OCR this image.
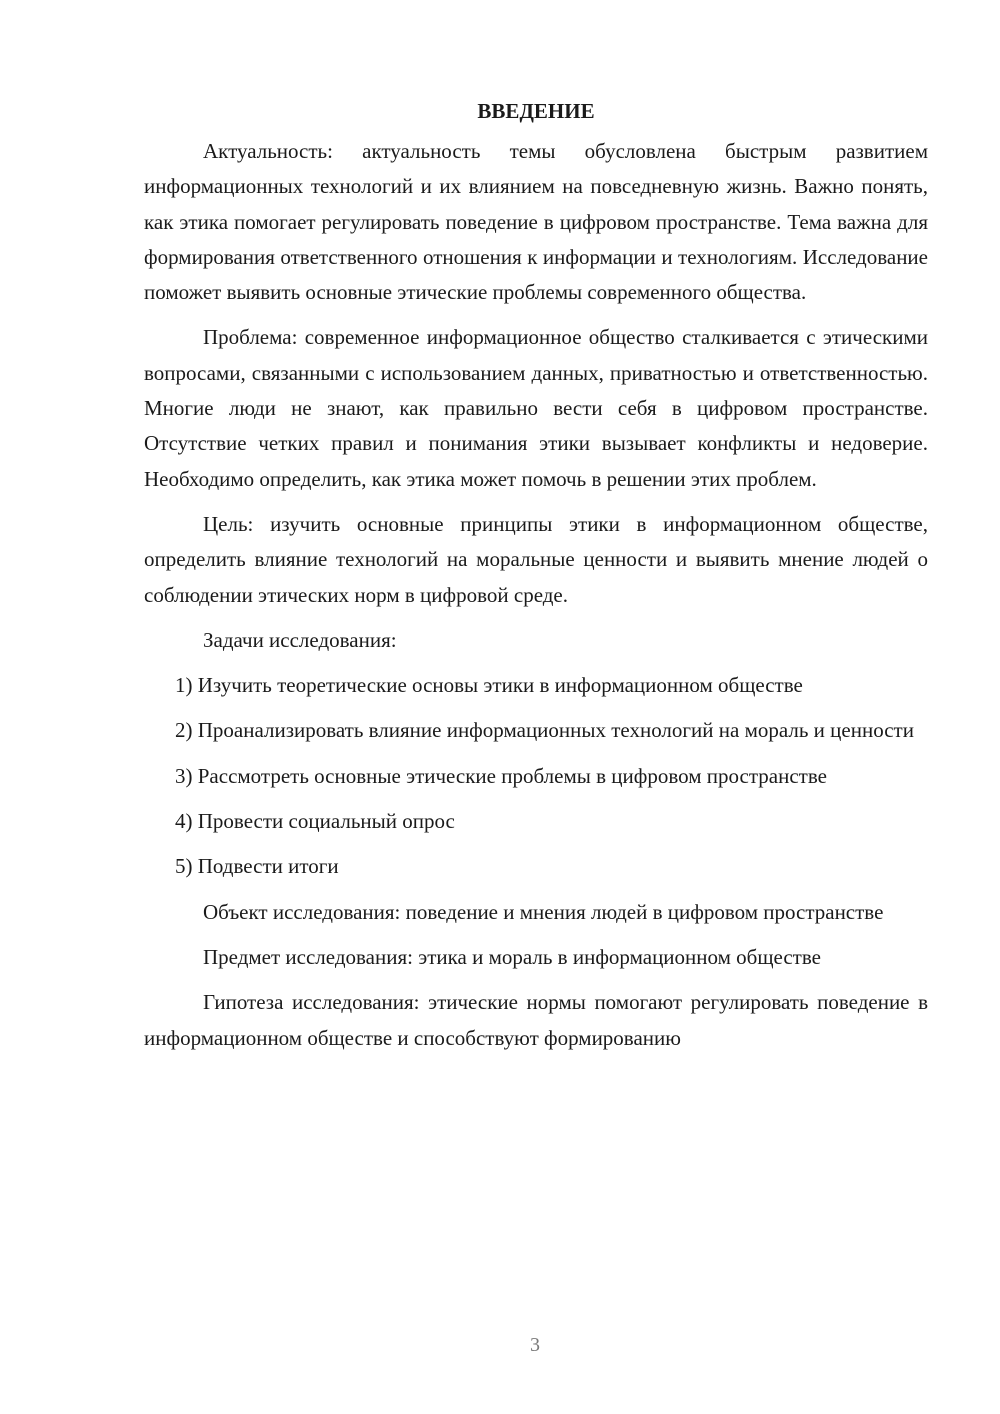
ВВЕДЕНИЕ

Актуальность: актуальность темы обусловлена быстрым развитием информационных технологий и их влиянием на повседневную жизнь. Важно понять, как этика помогает регулировать поведение в цифровом пространстве. Тема важна для формирования ответственного отношения к информации и технологиям. Исследование поможет выявить основные этические проблемы современного общества.

Проблема: современное информационное общество сталкивается с этическими вопросами, связанными с использованием данных, приватностью и ответственностью. Многие люди не знают, как правильно вести себя в цифровом пространстве. Отсутствие четких правил и понимания этики вызывает конфликты и недоверие. Необходимо определить, как этика может помочь в решении этих проблем.

Цель: изучить основные принципы этики в информационном обществе, определить влияние технологий на моральные ценности и выявить мнение людей о соблюдении этических норм в цифровой среде.

Задачи исследования:

1) Изучить теоретические основы этики в информационном обществе

2) Проанализировать влияние информационных технологий на мораль и ценности

3) Рассмотреть основные этические проблемы в цифровом пространстве

4) Провести социальный опрос

5) Подвести итоги

Объект исследования: поведение и мнения людей в цифровом пространстве

Предмет исследования: этика и мораль в информационном обществе

Гипотеза исследования: этические нормы помогают регулировать поведение в информационном обществе и способствуют формированию

3
